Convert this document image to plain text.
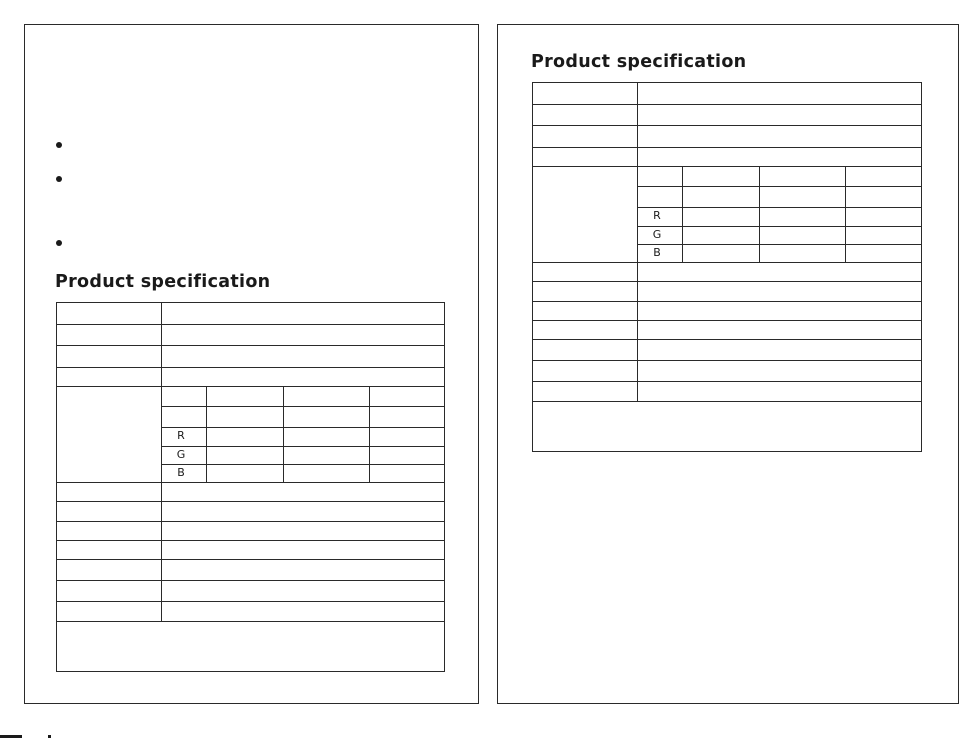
Product specification
R
G
B
Product specification
R
G
B
